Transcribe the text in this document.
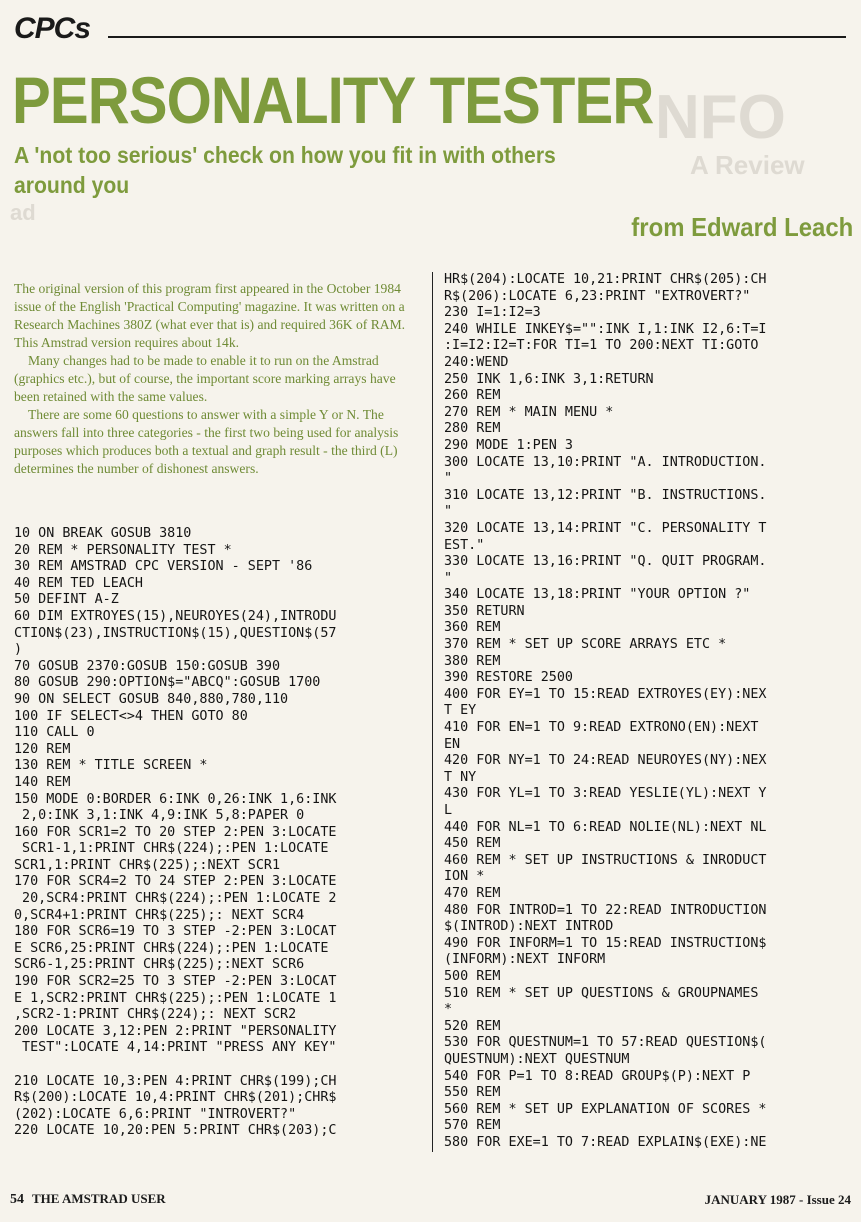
NFO
A Review
ad
CPCs
PERSONALITY TESTER
A 'not too serious' check on how you fit in with others around you
from Edward Leach

The original version of this program first appeared in the October 1984 issue of the English 'Practical Computing' magazine. It was written on a Research Machines 380Z (what ever that is) and required 36K of RAM. This Amstrad version requires about 14k.

Many changes had to be made to enable it to run on the Amstrad (graphics etc.), but of course, the important score marking arrays have been retained with the same values.

There are some 60 questions to answer with a simple Y or N. The answers fall into three categories - the first two being used for analysis purposes which produces both a textual and graph result - the third (L) determines the number of dishonest answers.

10 ON BREAK GOSUB 3810
20 REM * PERSONALITY TEST *
30 REM AMSTRAD CPC VERSION - SEPT '86
40 REM TED LEACH
50 DEFINT A-Z
60 DIM EXTROYES(15),NEUROYES(24),INTRODU
CTION$(23),INSTRUCTION$(15),QUESTION$(57
)
70 GOSUB 2370:GOSUB 150:GOSUB 390
80 GOSUB 290:OPTION$="ABCQ":GOSUB 1700
90 ON SELECT GOSUB 840,880,780,110
100 IF SELECT<>4 THEN GOTO 80
110 CALL 0
120 REM
130 REM * TITLE SCREEN *
140 REM
150 MODE 0:BORDER 6:INK 0,26:INK 1,6:INK
2,0:INK 3,1:INK 4,9:INK 5,8:PAPER 0
160 FOR SCR1=2 TO 20 STEP 2:PEN 3:LOCATE
SCR1-1,1:PRINT CHR$(224);:PEN 1:LOCATE
SCR1,1:PRINT CHR$(225);:NEXT SCR1
170 FOR SCR4=2 TO 24 STEP 2:PEN 3:LOCATE
20,SCR4:PRINT CHR$(224);:PEN 1:LOCATE 2
0,SCR4+1:PRINT CHR$(225);: NEXT SCR4
180 FOR SCR6=19 TO 3 STEP -2:PEN 3:LOCAT
E SCR6,25:PRINT CHR$(224);:PEN 1:LOCATE
SCR6-1,25:PRINT CHR$(225);:NEXT SCR6
190 FOR SCR2=25 TO 3 STEP -2:PEN 3:LOCAT
E 1,SCR2:PRINT CHR$(225);:PEN 1:LOCATE 1
,SCR2-1:PRINT CHR$(224);: NEXT SCR2
200 LOCATE 3,12:PEN 2:PRINT "PERSONALITY
TEST":LOCATE 4,14:PRINT "PRESS ANY KEY"

210 LOCATE 10,3:PEN 4:PRINT CHR$(199);CH
R$(200):LOCATE 10,4:PRINT CHR$(201);CHR$
(202):LOCATE 6,6:PRINT "INTROVERT?"
220 LOCATE 10,20:PEN 5:PRINT CHR$(203);C
HR$(204):LOCATE 10,21:PRINT CHR$(205):CH
R$(206):LOCATE 6,23:PRINT "EXTROVERT?"
230 I=1:I2=3
240 WHILE INKEY$="":INK I,1:INK I2,6:T=I
:I=I2:I2=T:FOR TI=1 TO 200:NEXT TI:GOTO
240:WEND
250 INK 1,6:INK 3,1:RETURN
260 REM
270 REM * MAIN MENU *
280 REM
290 MODE 1:PEN 3
300 LOCATE 13,10:PRINT "A. INTRODUCTION.
"
310 LOCATE 13,12:PRINT "B. INSTRUCTIONS.
"
320 LOCATE 13,14:PRINT "C. PERSONALITY T
EST."
330 LOCATE 13,16:PRINT "Q. QUIT PROGRAM.
"
340 LOCATE 13,18:PRINT "YOUR OPTION ?"
350 RETURN
360 REM
370 REM * SET UP SCORE ARRAYS ETC *
380 REM
390 RESTORE 2500
400 FOR EY=1 TO 15:READ EXTROYES(EY):NEX
T EY
410 FOR EN=1 TO 9:READ EXTRONO(EN):NEXT
EN
420 FOR NY=1 TO 24:READ NEUROYES(NY):NEX
T NY
430 FOR YL=1 TO 3:READ YESLIE(YL):NEXT Y
L
440 FOR NL=1 TO 6:READ NOLIE(NL):NEXT NL
450 REM
460 REM * SET UP INSTRUCTIONS & INRODUCT
ION *
470 REM
480 FOR INTROD=1 TO 22:READ INTRODUCTION
$(INTROD):NEXT INTROD
490 FOR INFORM=1 TO 15:READ INSTRUCTION$
(INFORM):NEXT INFORM
500 REM
510 REM * SET UP QUESTIONS & GROUPNAMES
*
520 REM
530 FOR QUESTNUM=1 TO 57:READ QUESTION$(
QUESTNUM):NEXT QUESTNUM
540 FOR P=1 TO 8:READ GROUP$(P):NEXT P
550 REM
560 REM * SET UP EXPLANATION OF SCORES *
570 REM
580 FOR EXE=1 TO 7:READ EXPLAIN$(EXE):NE
54 THE AMSTRAD USER	JANUARY 1987 - Issue 24
